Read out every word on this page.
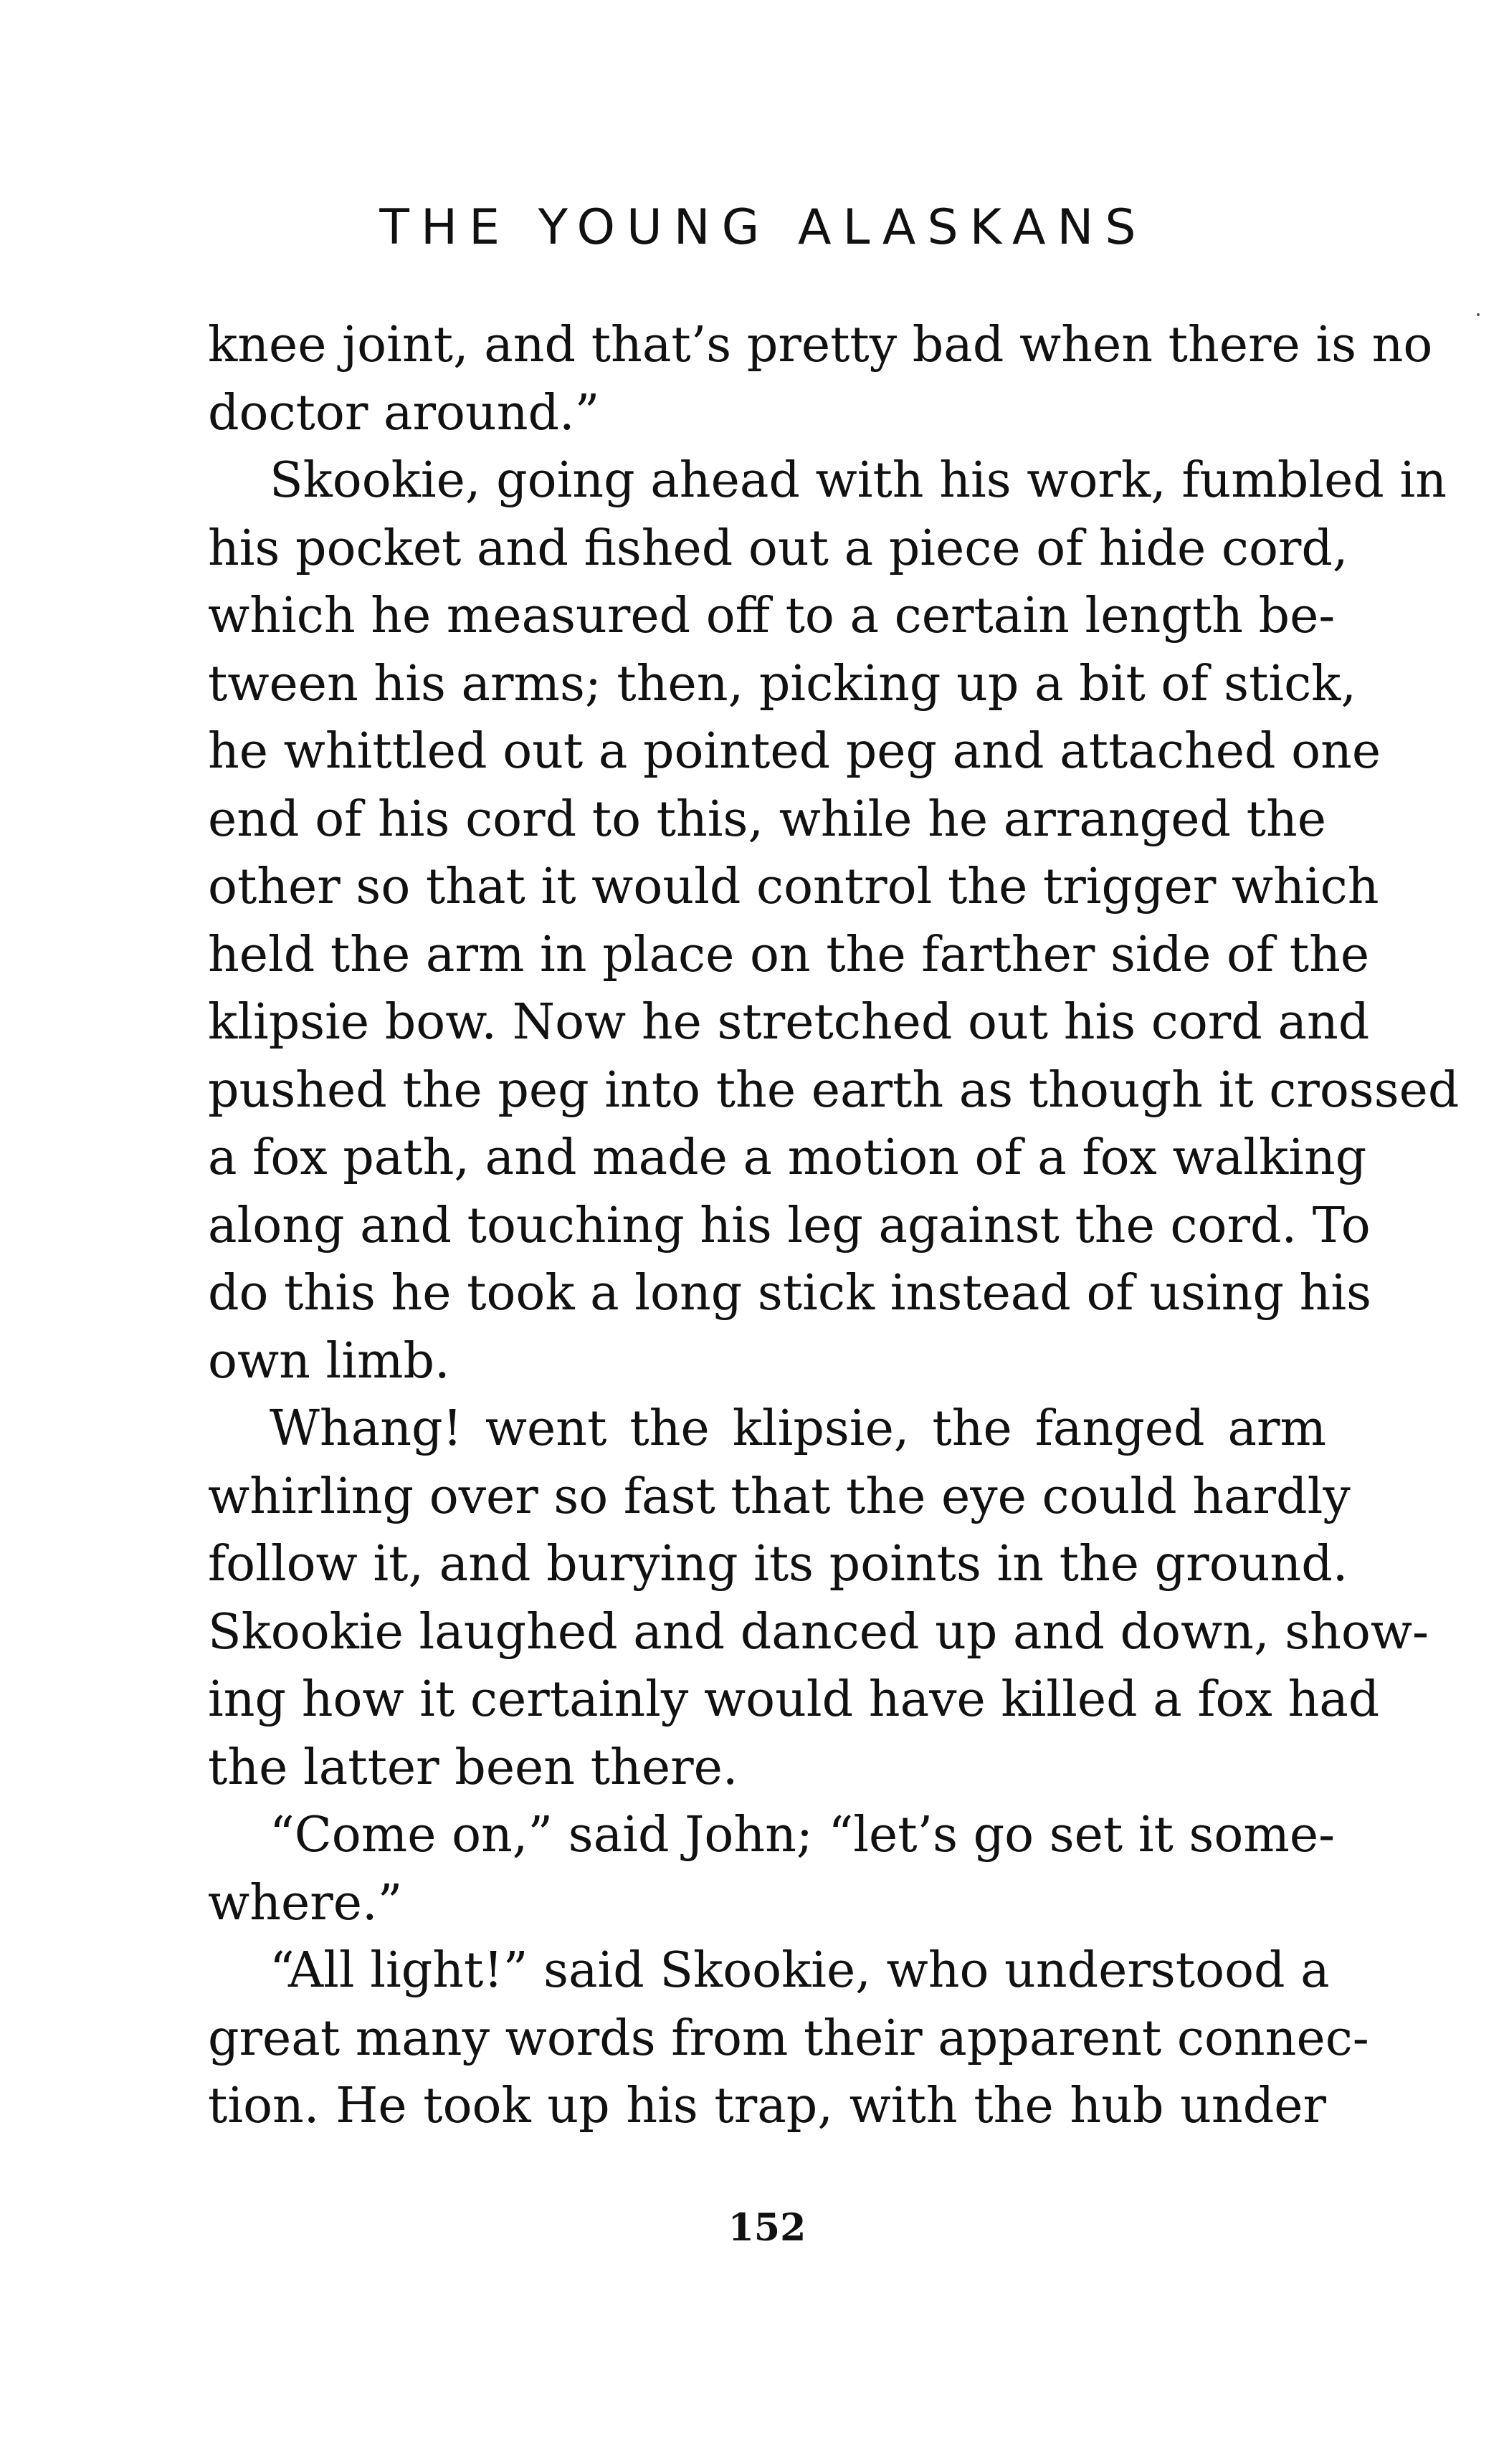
THE YOUNG ALASKANS
knee joint, and that’s pretty bad when there is no
doctor around.”
Skookie, going ahead with his work, fumbled in
his pocket and fished out a piece of hide cord,
which he measured off to a certain length be-
tween his arms; then, picking up a bit of stick,
he whittled out a pointed peg and attached one
end of his cord to this, while he arranged the
other so that it would control the trigger which
held the arm in place on the farther side of the
klipsie bow. Now he stretched out his cord and
pushed the peg into the earth as though it crossed
a fox path, and made a motion of a fox walking
along and touching his leg against the cord. To
do this he took a long stick instead of using his
own limb.
Whang! went the klipsie, the fanged arm
whirling over so fast that the eye could hardly
follow it, and burying its points in the ground.
Skookie laughed and danced up and down, show-
ing how it certainly would have killed a fox had
the latter been there.
“Come on,” said John; “let’s go set it some-
where.”
“All light!” said Skookie, who understood a
great many words from their apparent connec-
tion. He took up his trap, with the hub under
152
